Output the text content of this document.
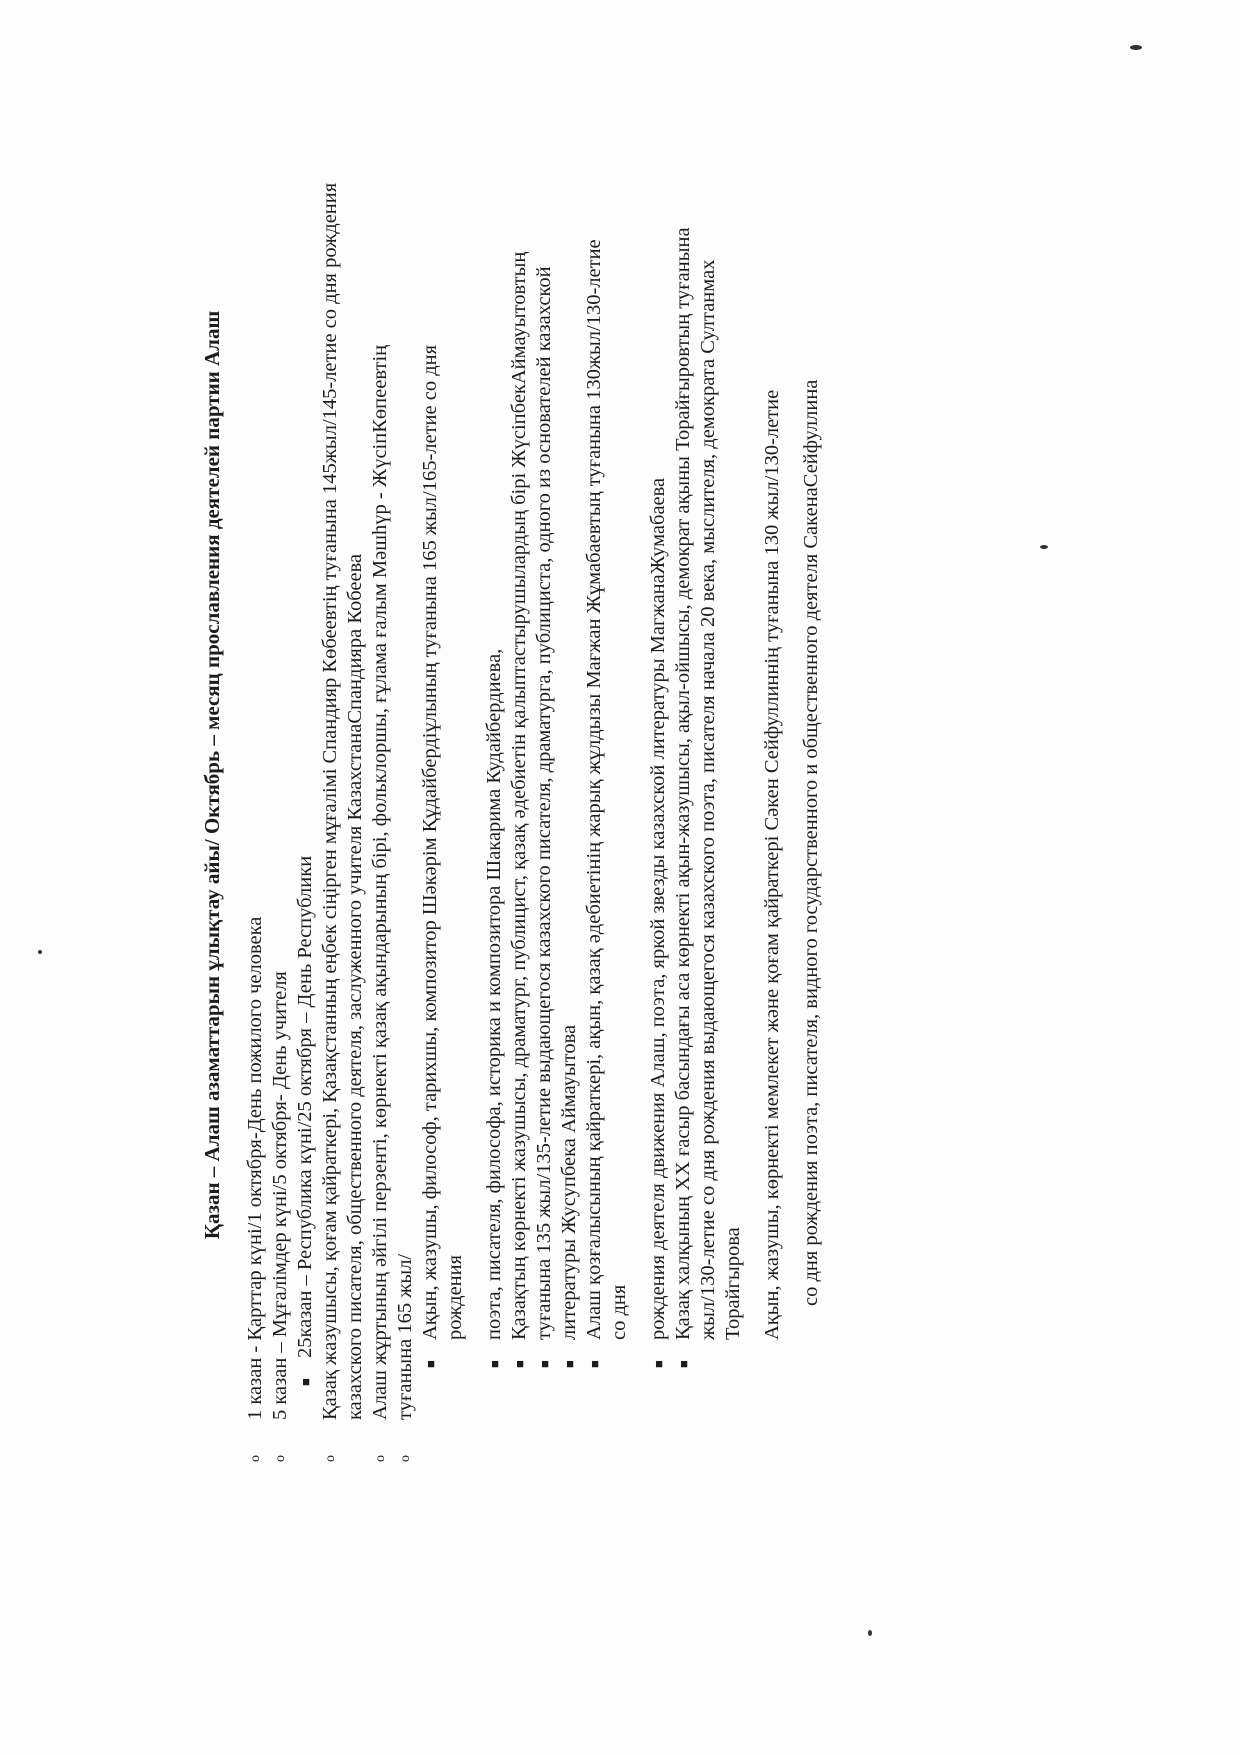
Қазан – Алаш азаматтарын ұлықтау айы/ Октябрь – месяц прославления деятелей партии Алаш
o
1 казан - Қарттар күні/1 октября-День пожилого человека
o
5 казан – Мұғалімдер күні/5 октября- День учителя ■
25казан – Республика күні/25 октября – День Республики
o
Қазақ жазушысы, қоғам қайраткері, Қазақстанның еңбек сіңірген мұғалімі Спандияр Көбеевтің туғанына 145жыл/145-летие со дня рождения казахского писателя, общественного деятеля, заслуженного учителя КазахстанаСпандияра Кобеева
o
Алаш жұртының әйгілі перзенті, көрнекті қазақ ақындарының бірі, фольклоршы, ғұлама ғалым Мәшһүр - ЖүсіпКөпеевтің
o
туғанына 165 жыл/ ■
Ақын, жазушы, философ, тарихшы, композитор Шәкәрім Құдайбердіұлының туғанына 165 жыл/165-летие со дня рождения
■
поэта, писателя, философа, историка и композитора Шакарима Кудайбердиева,
■
Қазақтың көрнекті жазушысы, драматург, публицист, қазақ әдебиетін қалыптастырушылардың бірі ЖүсіпбекАймауытовтың
■
туғанына 135 жыл/135-летие выдающегося казахского писателя, драматурга, публициста, одного из основателей казахской
■
литературы Жусупбека Аймауытова
■
Алаш қозғалысының қайраткері, ақын, қазақ әдебиетінің жарық жұлдызы Мағжан Жұмабаевтың туғанына 130жыл/130-летие со дня
■
рождения деятеля движения Алаш, поэта, яркой звезды казахской литературы МагжанаЖумабаева
■
Қазақ халқының ХХ ғасыр басындағы аса көрнекті ақын-жазушысы, ақыл-ойшысы, демократ ақыны Торайғыровтың туғанына жыл/130-летие со дня рождения выдающегося казахского поэта, писателя начала 20 века, мыслителя, демократа Султанмах Торайгырова Ақын, жазушы, көрнекті мемлекет және қоғам қайраткері Сәкен Сейфуллиннің туғанына 130 жыл/130-летие со дня рождения поэта, писателя, видного государственного и общественного деятеля СакенаСейфуллина
